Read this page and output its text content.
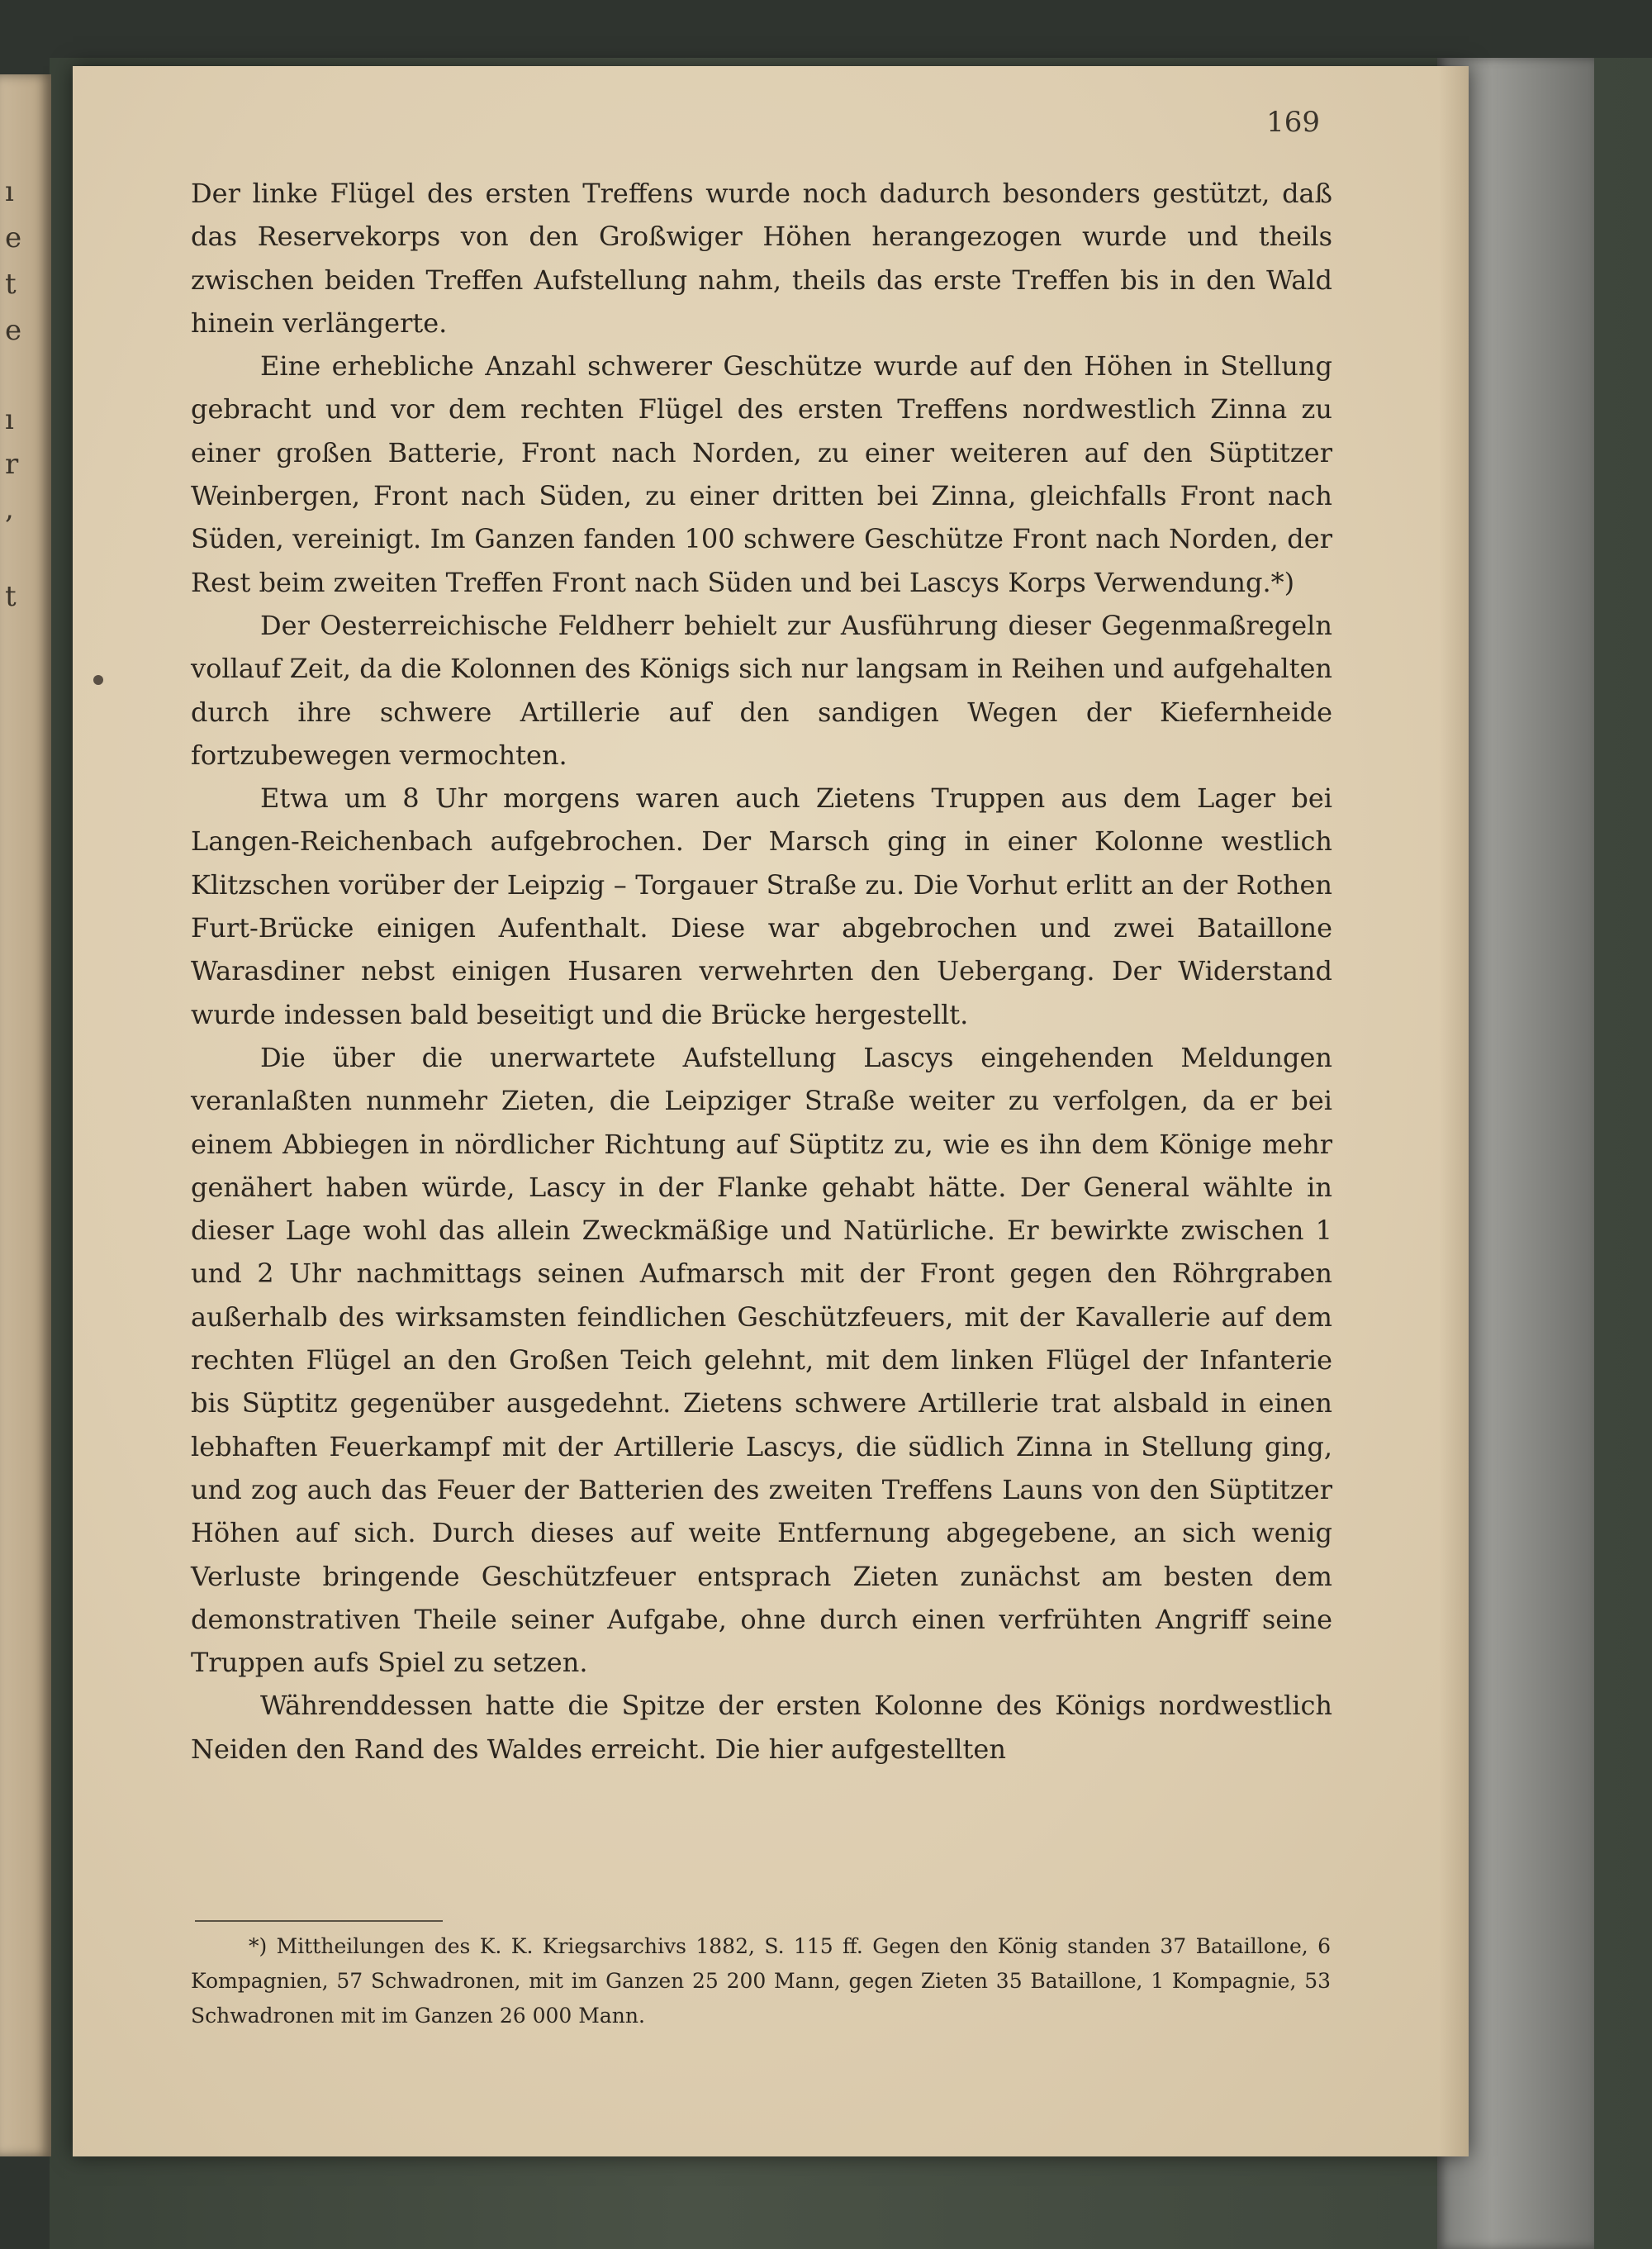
ı
e
t
e
ı
r
,
t
169

Der linke Flügel des ersten Treffens wurde noch dadurch besonders gestützt, daß das Reservekorps von den Großwiger Höhen herangezogen wurde und theils zwischen beiden Treffen Aufstellung nahm, theils das erste Treffen bis in den Wald hinein verlängerte.

Eine erhebliche Anzahl schwerer Geschütze wurde auf den Höhen in Stellung gebracht und vor dem rechten Flügel des ersten Treffens nordwestlich Zinna zu einer großen Batterie, Front nach Norden, zu einer weiteren auf den Süptitzer Weinbergen, Front nach Süden, zu einer dritten bei Zinna, gleichfalls Front nach Süden, vereinigt. Im Ganzen fanden 100 schwere Geschütze Front nach Norden, der Rest beim zweiten Treffen Front nach Süden und bei Lascys Korps Verwendung.*)

Der Oesterreichische Feldherr behielt zur Ausführung dieser Gegenmaßregeln vollauf Zeit, da die Kolonnen des Königs sich nur langsam in Reihen und aufgehalten durch ihre schwere Artillerie auf den sandigen Wegen der Kiefernheide fortzubewegen vermochten.

Etwa um 8 Uhr morgens waren auch Zietens Truppen aus dem Lager bei Langen-Reichenbach aufgebrochen. Der Marsch ging in einer Kolonne westlich Klitzschen vorüber der Leipzig – Torgauer Straße zu. Die Vorhut erlitt an der Rothen Furt-Brücke einigen Aufenthalt. Diese war abgebrochen und zwei Bataillone Warasdiner nebst einigen Husaren verwehrten den Uebergang. Der Widerstand wurde indessen bald beseitigt und die Brücke hergestellt.

Die über die unerwartete Aufstellung Lascys eingehenden Meldungen veranlaßten nunmehr Zieten, die Leipziger Straße weiter zu verfolgen, da er bei einem Abbiegen in nördlicher Richtung auf Süptitz zu, wie es ihn dem Könige mehr genähert haben würde, Lascy in der Flanke gehabt hätte. Der General wählte in dieser Lage wohl das allein Zweckmäßige und Natürliche. Er bewirkte zwischen 1 und 2 Uhr nachmittags seinen Aufmarsch mit der Front gegen den Röhrgraben außerhalb des wirksamsten feindlichen Geschützfeuers, mit der Kavallerie auf dem rechten Flügel an den Großen Teich gelehnt, mit dem linken Flügel der Infanterie bis Süptitz gegenüber ausgedehnt. Zietens schwere Artillerie trat alsbald in einen lebhaften Feuerkampf mit der Artillerie Lascys, die südlich Zinna in Stellung ging, und zog auch das Feuer der Batterien des zweiten Treffens Launs von den Süptitzer Höhen auf sich. Durch dieses auf weite Entfernung abgegebene, an sich wenig Verluste bringende Geschützfeuer entsprach Zieten zunächst am besten dem demonstrativen Theile seiner Aufgabe, ohne durch einen verfrühten Angriff seine Truppen aufs Spiel zu setzen.

Währenddessen hatte die Spitze der ersten Kolonne des Königs nordwestlich Neiden den Rand des Waldes erreicht. Die hier aufgestellten

*) Mittheilungen des K. K. Kriegsarchivs 1882, S. 115 ff. Gegen den König standen 37 Bataillone, 6 Kompagnien, 57 Schwadronen, mit im Ganzen 25 200 Mann, gegen Zieten 35 Bataillone, 1 Kompagnie, 53 Schwadronen mit im Ganzen 26 000 Mann.
